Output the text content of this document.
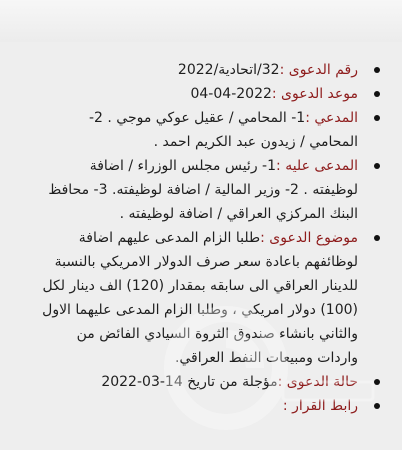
رقم الدعوى :32/اتحادية/2022
موعد الدعوى :2022-04-04
المدعي :1- المحامي / عقيل عوكي موجي . 2- المحامي / زيدون عبد الكريم احمد .
المدعى عليه :1- رئيس مجلس الوزراء / اضافة لوظيفته . 2- وزير المالية / اضافة لوظيفته. 3- محافظ البنك المركزي العراقي / اضافة لوظيفته .
موضوع الدعوى :طلبا الزام المدعى عليهم اضافة لوظائفهم باعادة سعر صرف الدولار الامريكي بالنسبة للدينار العراقي الى سابقه بمقدار (120) الف دينار لكل (100) دولار امريكي ، وطلبا الزام المدعى عليهما الاول والثاني بانشاء صندوق الثروة السيادي الفائض من واردات ومبيعات النفط العراقي.
حالة الدعوى :مؤجلة من تاريخ 14-03-2022
رابط القرار :
